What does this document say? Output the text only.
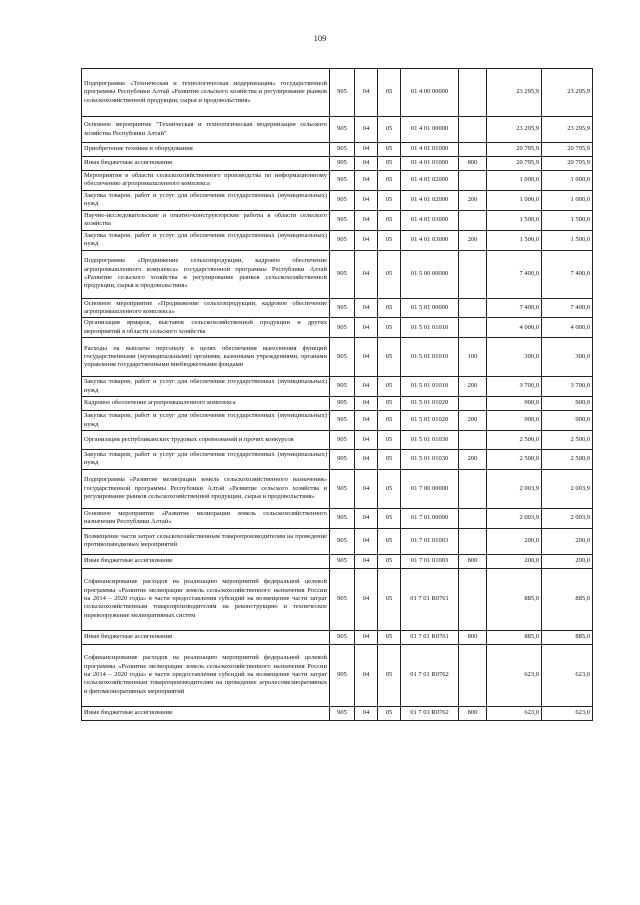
109
Подпрограмма «Техническая и технологическая модернизация» государственной программы Республики Алтай «Развитие сельского хозяйства и регулирование рынков сельскохозяйственной продукции, сырья и продовольствия»	905	04	05	01 4 00 00000		23 295,9	23 295,9
Основное мероприятие "Техническая и технологическая модернизация сельского хозяйства Республики Алтай"	905	04	05	01 4 01 00000		23 295,9	23 295,9
Приобретение техники и оборудования	905	04	05	01 4 01 01000		20 795,9	20 795,9
Иные бюджетные ассигнования	905	04	05	01 4 01 01000	800	20 795,9	20 795,9
Мероприятия в области сельскохозяйственного производства по информационному обеспечению агропромышленного комплекса	905	04	05	01 4 01 02000		1 000,0	1 000,0
Закупка товаров, работ и услуг для обеспечения государственных (муниципальных) нужд	905	04	05	01 4 01 02000	200	1 000,0	1 000,0
Научно-исследовательские и опытно-конструкторские работы в области сельского хозяйства	905	04	05	01 4 01 03000		1 500,0	1 500,0
Закупка товаров, работ и услуг для обеспечения государственных (муниципальных) нужд	905	04	05	01 4 01 03000	200	1 500,0	1 500,0
Подпрограмма «Продвижение сельхозпродукции, кадровое обеспечение агропромышленного комплекса» государственной программы Республики Алтай «Развитие сельского хозяйства и регулирование рынков сельскохозяйственной продукции, сырья и продовольствия»	905	04	05	01 5 00 00000		7 400,0	7 400,0
Основное мероприятие «Продвижение сельхозпродукции, кадровое обеспечение агропромышленного комплекса»	905	04	05	01 5 01 00000		7 400,0	7 400,0
Организация ярмарок, выставок сельскохозяйственной продукции и других мероприятий в области сельского хозяйства	905	04	05	01 5 01 01010		4 000,0	4 000,0
Расходы на выплаты персоналу в целях обеспечения выполнения функций государственными (муниципальными) органами, казенными учреждениями, органами управления государственными внебюджетными фондами	905	04	05	01 5 01 01010	100	300,0	300,0
Закупка товаров, работ и услуг для обеспечения государственных (муниципальных) нужд	905	04	05	01 5 01 01010	200	3 700,0	3 700,0
Кадровое обеспечение агропромышленного комплекса	905	04	05	01 5 01 01020		900,0	900,0
Закупка товаров, работ и услуг для обеспечения государственных (муниципальных) нужд	905	04	05	01 5 01 01020	200	900,0	900,0
Организация республиканских трудовых соревнований и прочих конкурсов	905	04	05	01 5 01 01030		2 500,0	2 500,0
Закупка товаров, работ и услуг для обеспечения государственных (муниципальных) нужд	905	04	05	01 5 01 01030	200	2 500,0	2 500,0
Подпрограмма «Развитие мелиорации земель сельскохозяйственного назначения» государственной программы Республики Алтай «Развитие сельского хозяйства и регулирование рынков сельскохозяйственной продукции, сырья и продовольствия»	905	04	05	01 7 00 00000		2 003,9	2 003,9
Основное мероприятие «Развитие мелиорации земель сельскохозяйственного назначения Республики Алтай»	905	04	05	01 7 01 00000		2 003,9	2 003,9
Возмещение части затрат сельскохозяйственным товаропроизводителям на проведение противопаводковых мероприятий	905	04	05	01 7 01 01003		200,0	200,0
Иные бюджетные ассигнования	905	04	05	01 7 01 01003	800	200,0	200,0
Софинансирование расходов на реализацию мероприятий федеральной целевой программы «Развитие мелиорации земель сельскохозяйственного назначения России на 2014 – 2020 годы» в части предоставления субсидий на возмещение части затрат сельскохозяйственным товаропроизводителям на реконструкцию и техническое перевооружение мелиоративных систем	905	04	05	01 7 01 R0761		885,0	885,0
Иные бюджетные ассигнования	905	04	05	01 7 01 R0761	800	885,0	885,0
Софинансирование расходов на реализацию мероприятий федеральной целевой программы «Развитие мелиорации земель сельскохозяйственного назначения России на 2014 – 2020 годы» в части предоставления субсидий на возмещение части затрат сельскохозяйственным товаропроизводителям на проведение агролесомелиоративных и фитомелиоративных мероприятий	905	04	05	01 7 01 R0762		623,0	623,0
Иные бюджетные ассигнования	905	04	05	01 7 01 R0762	800	623,0	623,0
